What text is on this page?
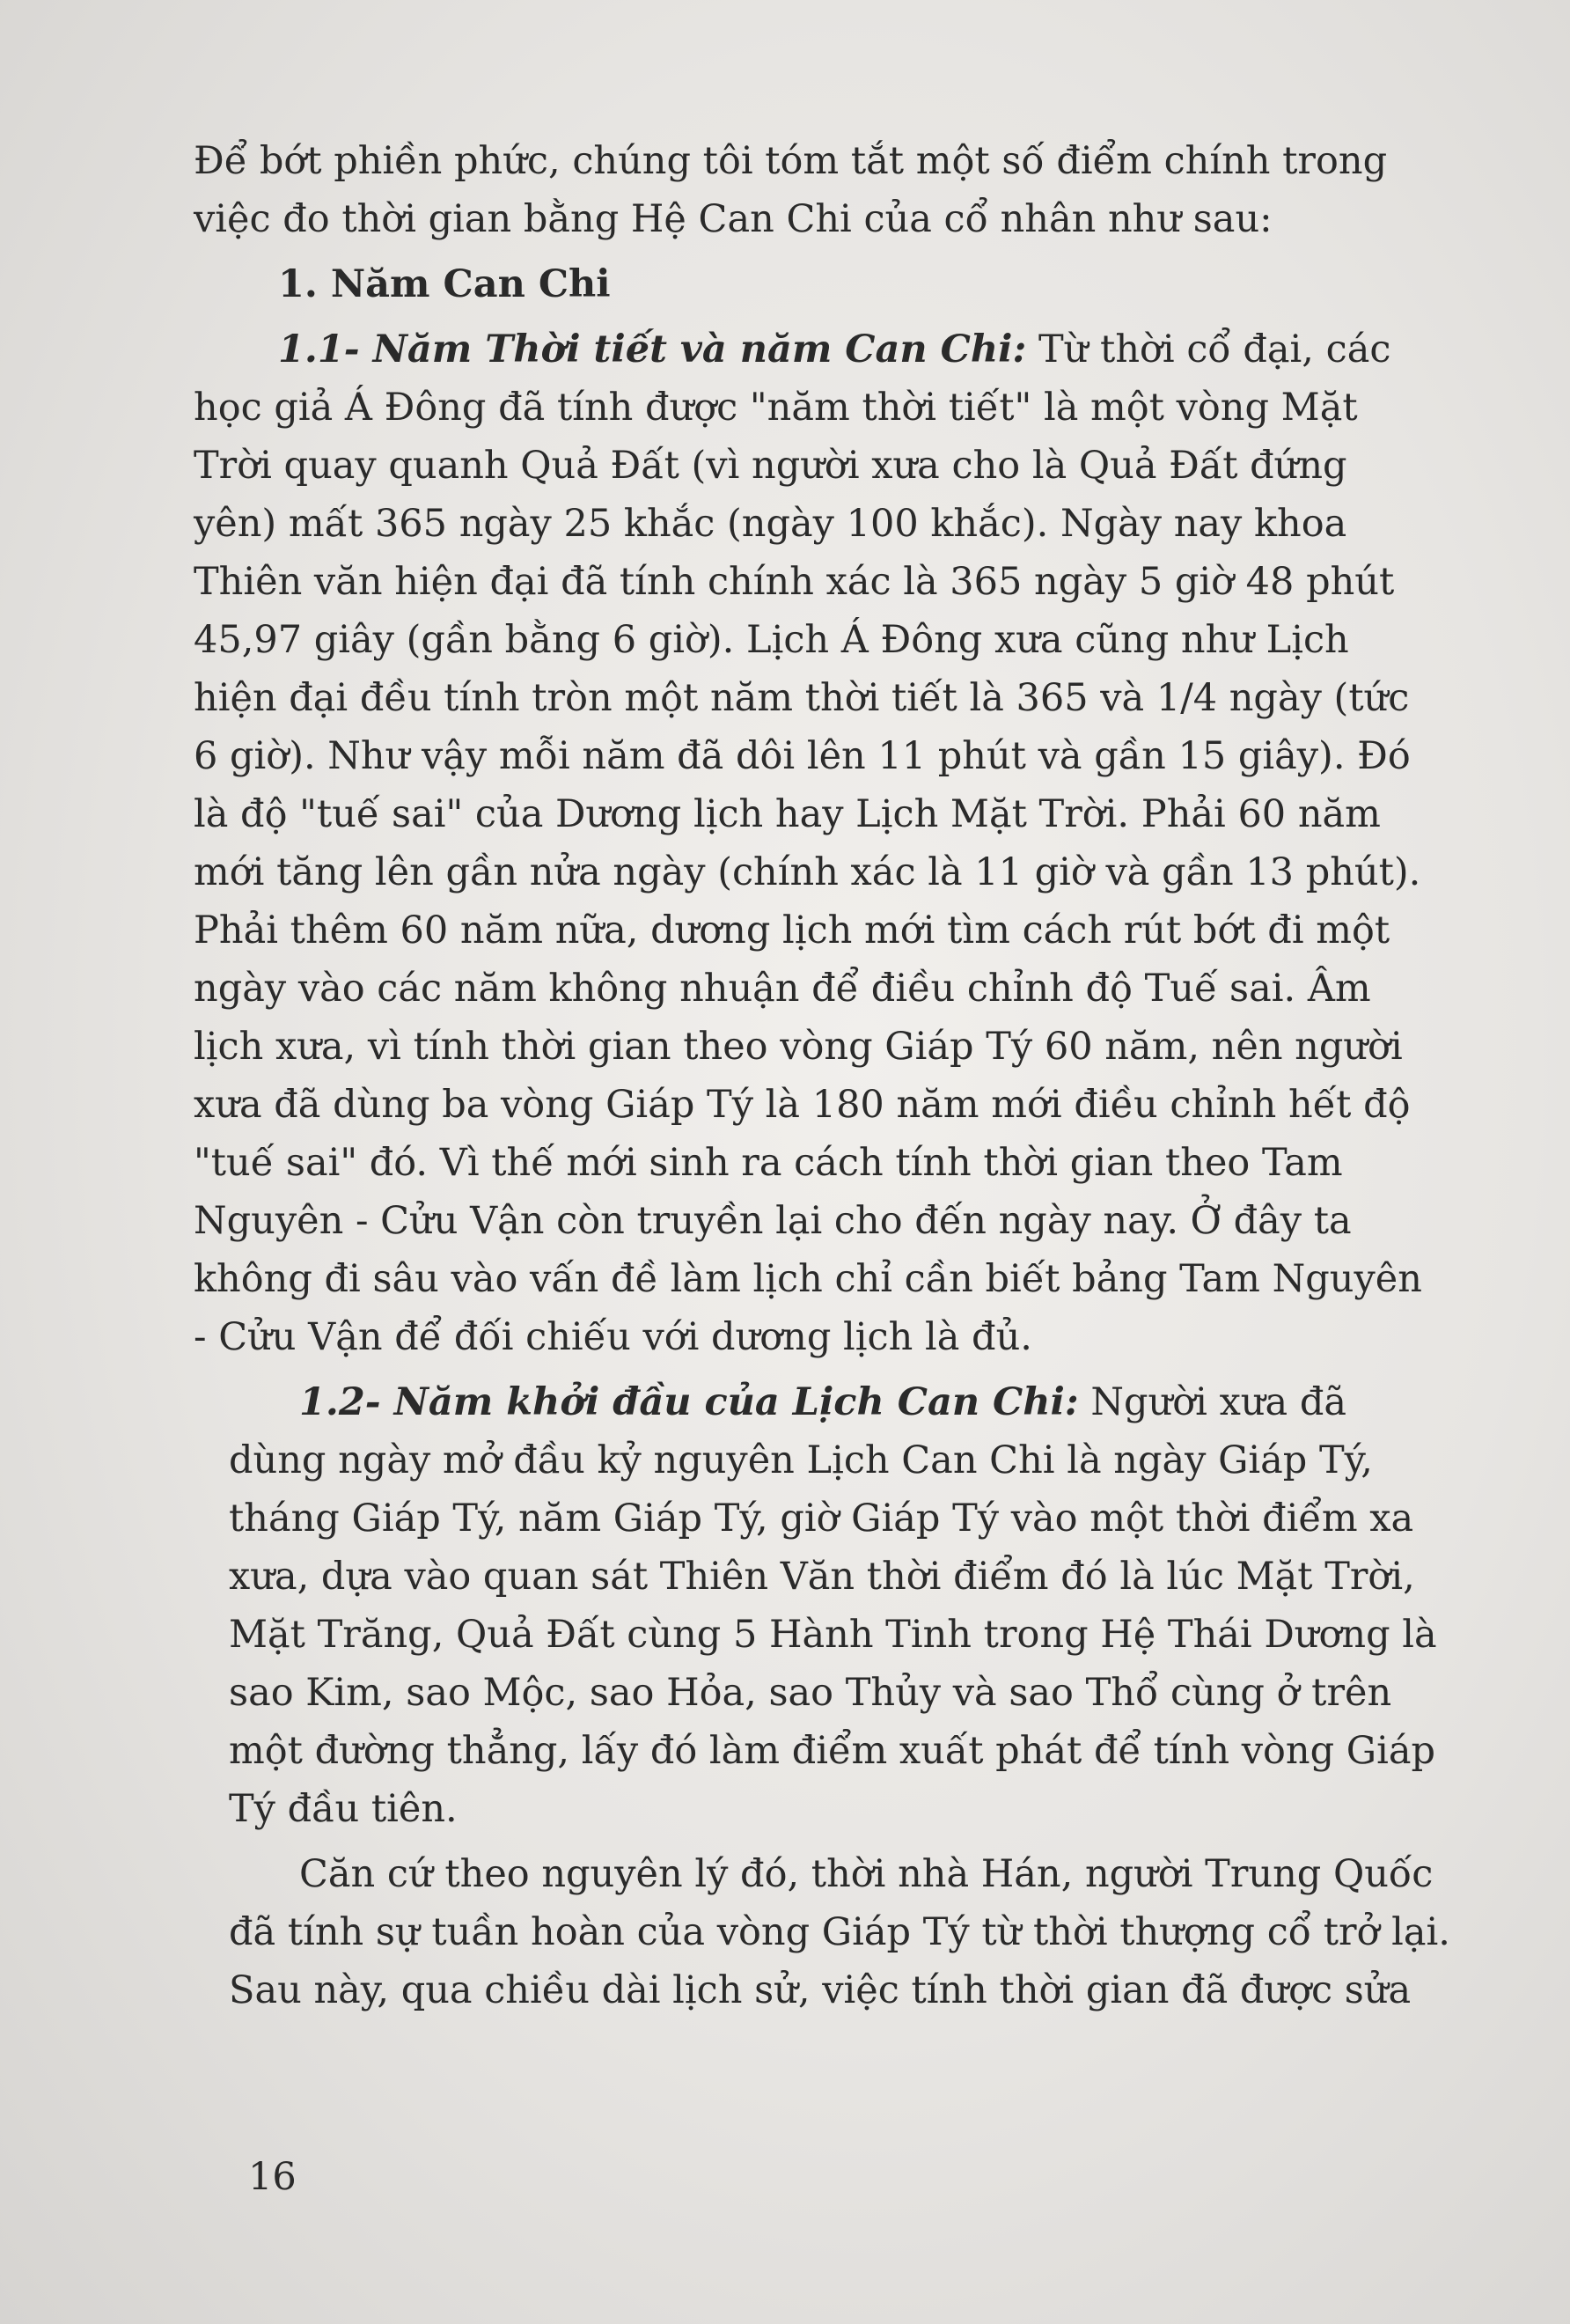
Để bớt phiền phức, chúng tôi tóm tắt một số điểm chính trong
việc đo thời gian bằng Hệ Can Chi của cổ nhân như sau:
1. Năm Can Chi
1.1- Năm Thời tiết và năm Can Chi: Từ thời cổ đại, các
học giả Á Đông đã tính được "năm thời tiết" là một vòng Mặt
Trời quay quanh Quả Đất (vì người xưa cho là Quả Đất đứng
yên) mất 365 ngày 25 khắc (ngày 100 khắc). Ngày nay khoa
Thiên văn hiện đại đã tính chính xác là 365 ngày 5 giờ 48 phút
45,97 giây (gần bằng 6 giờ). Lịch Á Đông xưa cũng như Lịch
hiện đại đều tính tròn một năm thời tiết là 365 và 1/4 ngày (tức
6 giờ). Như vậy mỗi năm đã dôi lên 11 phút và gần 15 giây). Đó
là độ "tuế sai" của Dương lịch hay Lịch Mặt Trời. Phải 60 năm
mới tăng lên gần nửa ngày (chính xác là 11 giờ và gần 13 phút).
Phải thêm 60 năm nữa, dương lịch mới tìm cách rút bớt đi một
ngày vào các năm không nhuận để điều chỉnh độ Tuế sai. Âm
lịch xưa, vì tính thời gian theo vòng Giáp Tý 60 năm, nên người
xưa đã dùng ba vòng Giáp Tý là 180 năm mới điều chỉnh hết độ
"tuế sai" đó. Vì thế mới sinh ra cách tính thời gian theo Tam
Nguyên - Cửu Vận còn truyền lại cho đến ngày nay. Ở đây ta
không đi sâu vào vấn đề làm lịch chỉ cần biết bảng Tam Nguyên
- Cửu Vận để đối chiếu với dương lịch là đủ.
1.2- Năm khởi đầu của Lịch Can Chi: Người xưa đã
dùng ngày mở đầu kỷ nguyên Lịch Can Chi là ngày Giáp Tý,
tháng Giáp Tý, năm Giáp Tý, giờ Giáp Tý vào một thời điểm xa
xưa, dựa vào quan sát Thiên Văn thời điểm đó là lúc Mặt Trời,
Mặt Trăng, Quả Đất cùng 5 Hành Tinh trong Hệ Thái Dương là
sao Kim, sao Mộc, sao Hỏa, sao Thủy và sao Thổ cùng ở trên
một đường thẳng, lấy đó làm điểm xuất phát để tính vòng Giáp
Tý đầu tiên.
Căn cứ theo nguyên lý đó, thời nhà Hán, người Trung Quốc
đã tính sự tuần hoàn của vòng Giáp Tý từ thời thượng cổ trở lại.
Sau này, qua chiều dài lịch sử, việc tính thời gian đã được sửa
16
